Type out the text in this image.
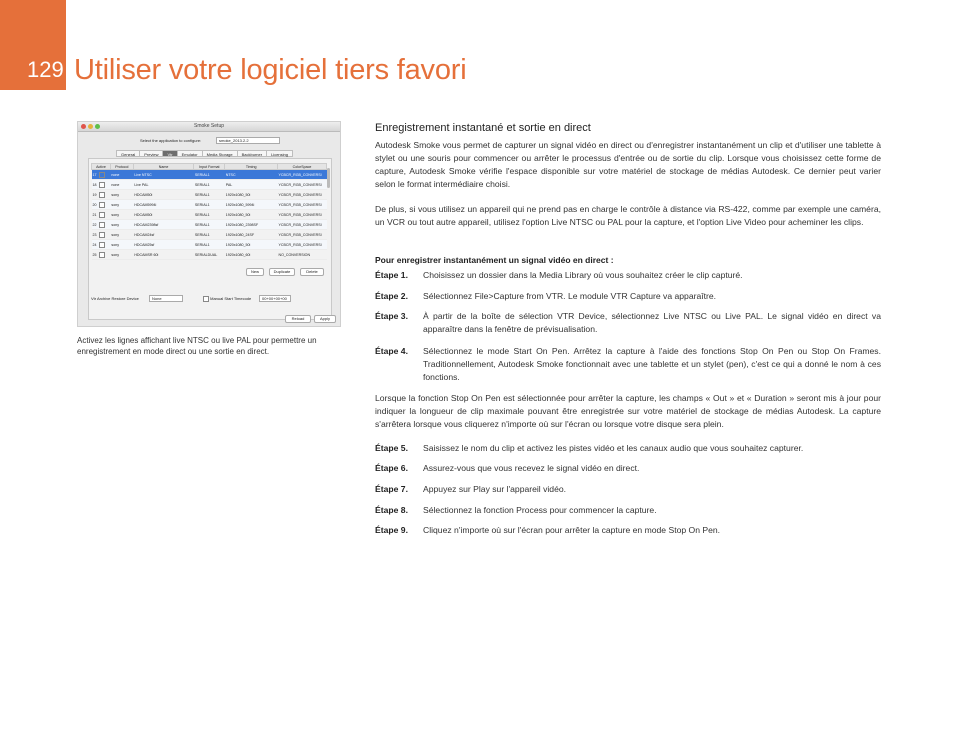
129 Utiliser votre logiciel tiers favori
Smoke Setup
Select the application to configure:	smoke_2013.2.2
General	Preview	Vtr	Emulator	Media Storage	Backburner	Licensing
Active	Protocol	Name	Input Format	Timing	ColorSpace
17	none	Live NTSC	SERIAL1	NTSC	YCBCR_RGB_CONVERSI
18	none	Live PAL	SERIAL1	PAL	YCBCR_RGB_CONVERSI
19	sony	HDCAM50i	SERIAL1	1920x1080_50i	YCBCR_RGB_CONVERSI
20	sony	HDCAM5994i	SERIAL1	1920x1080_5994i	YCBCR_RGB_CONVERSI
21	sony	HDCAM50i	SERIAL1	1920x1080_50i	YCBCR_RGB_CONVERSI
22	sony	HDCAM2398sf	SERIAL1	1920x1080_2398SF	YCBCR_RGB_CONVERSI
23	sony	HDCAM24sf	SERIAL1	1920x1080_24SF	YCBCR_RGB_CONVERSI
24	sony	HDCAM25sf	SERIAL1	1920x1080_50i	YCBCR_RGB_CONVERSI
25	sony	HDCAMSR 60i	SERIALDUAL	1920x1080_60i	NO_CONVERSION
New	Duplicate	Delete
Vtr Archive Restore Device	None	Manual Start Timecode	00+00+00+00
Reload	Apply
Activez les lignes affichant live NTSC ou live PAL pour permettre un enregistrement en mode direct ou une sortie en direct.
Enregistrement instantané et sortie en direct
Autodesk Smoke vous permet de capturer un signal vidéo en direct ou d'enregistrer instantanément un clip et d'utiliser une tablette à stylet ou une souris pour commencer ou arrêter le processus d'entrée ou de sortie du clip. Lorsque vous choisissez cette forme de capture, Autodesk Smoke vérifie l'espace disponible sur votre matériel de stockage de médias Autodesk. Ce dernier peut varier selon le format intermédiaire choisi.
De plus, si vous utilisez un appareil qui ne prend pas en charge le contrôle à distance via RS-422, comme par exemple une caméra, un VCR ou tout autre appareil, utilisez l'option Live NTSC ou PAL pour la capture, et l'option Live Video pour acheminer les clips.
Pour enregistrer instantanément un signal vidéo en direct :
Étape 1. Choisissez un dossier dans la Media Library où vous souhaitez créer le clip capturé.
Étape 2. Sélectionnez File>Capture from VTR. Le module VTR Capture va apparaître.
Étape 3. À partir de la boîte de sélection VTR Device, sélectionnez Live NTSC ou Live PAL. Le signal vidéo en direct va apparaître dans la fenêtre de prévisualisation.
Étape 4. Sélectionnez le mode Start On Pen. Arrêtez la capture à l'aide des fonctions Stop On Pen ou Stop On Frames. Traditionnellement, Autodesk Smoke fonctionnait avec une tablette et un stylet (pen), c'est ce qui a donné le nom à ces fonctions.
Lorsque la fonction Stop On Pen est sélectionnée pour arrêter la capture, les champs « Out » et « Duration » seront mis à jour pour indiquer la longueur de clip maximale pouvant être enregistrée sur votre matériel de stockage de médias Autodesk. La capture s'arrêtera lorsque vous cliquerez n'importe où sur l'écran ou lorsque votre disque sera plein.
Étape 5. Saisissez le nom du clip et activez les pistes vidéo et les canaux audio que vous souhaitez capturer.
Étape 6. Assurez-vous que vous recevez le signal vidéo en direct.
Étape 7. Appuyez sur Play sur l'appareil vidéo.
Étape 8. Sélectionnez la fonction Process pour commencer la capture.
Étape 9. Cliquez n'importe où sur l'écran pour arrêter la capture en mode Stop On Pen.
